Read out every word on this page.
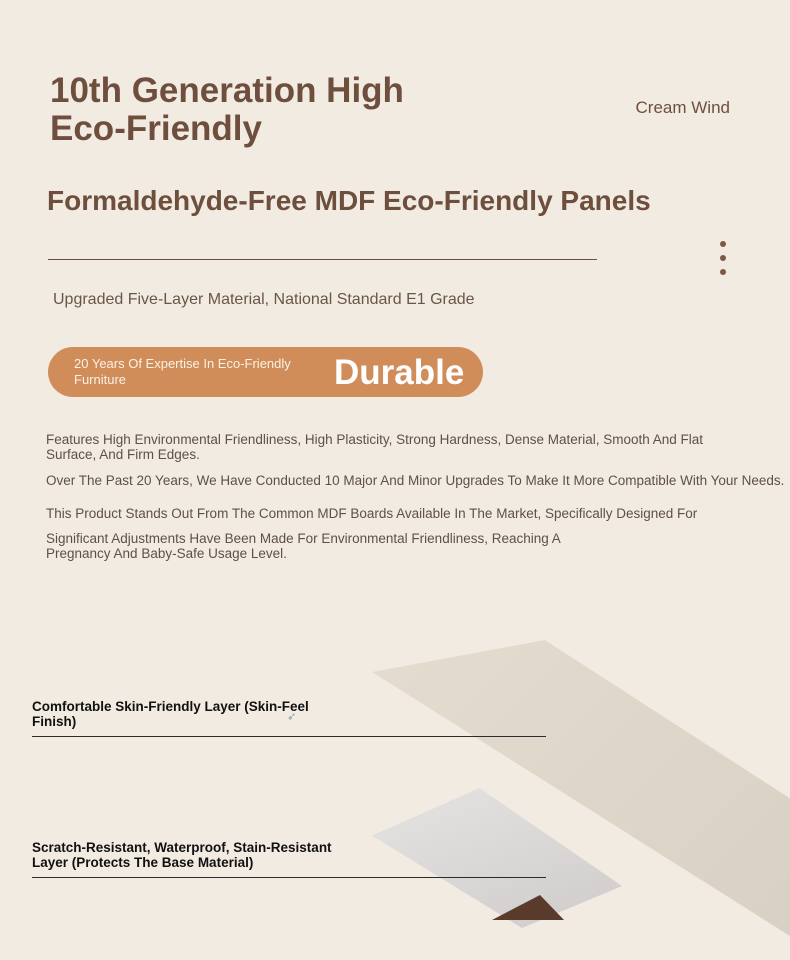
10th Generation High Eco-Friendly
Cream Wind
Formaldehyde-Free MDF Eco-Friendly Panels
Upgraded Five-Layer Material, National Standard E1 Grade
20 Years Of Expertise In Eco-Friendly Furniture	Durable
Features High Environmental Friendliness, High Plasticity, Strong Hardness, Dense Material, Smooth And Flat Surface, And Firm Edges.
Over The Past 20 Years, We Have Conducted 10 Major And Minor Upgrades To Make It More Compatible With Your Needs.
This Product Stands Out From The Common MDF Boards Available In The Market, Specifically Designed For
Significant Adjustments Have Been Made For Environmental Friendliness, Reaching A Pregnancy And Baby-Safe Usage Level.
Comfortable Skin-Friendly Layer (Skin-Feel Finish)	➶
Scratch-Resistant, Waterproof, Stain-Resistant Layer (Protects The Base Material)
